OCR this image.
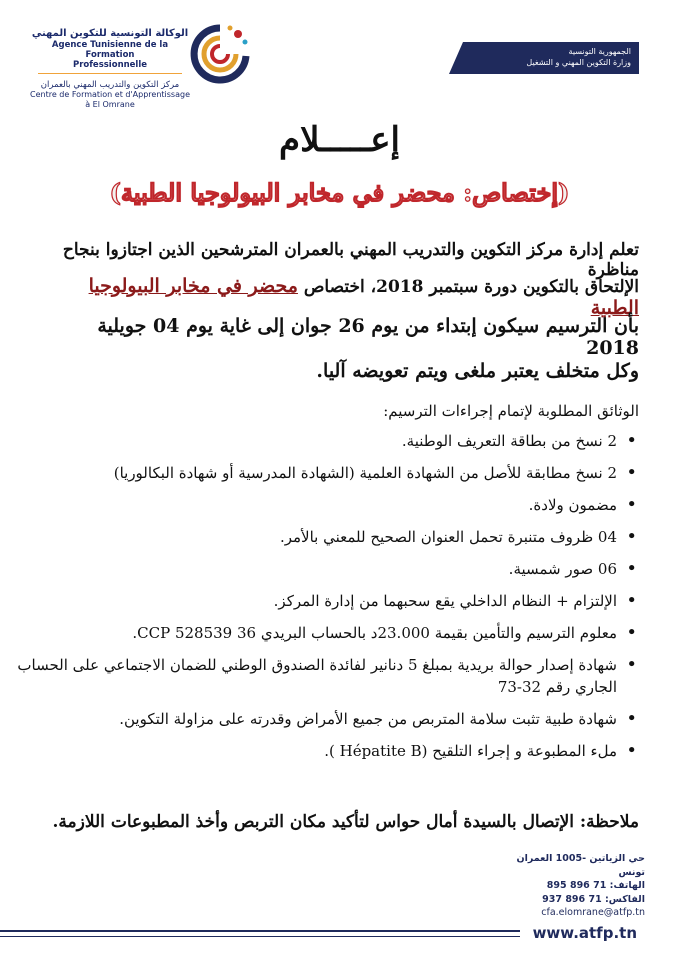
الوكالة التونسية للتكوين المهني
Agence Tunisienne de la Formation
Professionnelle
مركز التكوين والتدريب المهني بالعمران
Centre de Formation et d'Apprentissage
à El Omrane
الجمهورية التونسية
وزارة التكوين المهني و التشغيل
إعـــــلام
(إختصاص: محضر في مخابر البيولوجيا الطبية)
تعلم إدارة مركز التكوين والتدريب المهني بالعمران المترشحين الذين اجتازوا بنجاح مناظرة
الإلتحاق بالتكوين دورة سبتمبر 2018، اختصاص محضر في مخابر البيولوجيا الطبية
بأن الترسيم سيكون إبتداء من يوم 26 جوان إلى غاية يوم 04 جويلية 2018
وكل متخلف يعتبر ملغى ويتم تعويضه آليا.
الوثائق المطلوبة لإتمام إجراءات الترسيم:
• 2 نسخ من بطاقة التعريف الوطنية.
• 2 نسخ مطابقة للأصل من الشهادة العلمية (الشهادة المدرسية أو شهادة البكالوريا)
• مضمون ولادة.
• 04 ظروف متنبرة تحمل العنوان الصحيح للمعني بالأمر.
• 06 صور شمسية.
• الإلتزام + النظام الداخلي يقع سحبهما من إدارة المركز.
• معلوم الترسيم والتأمين بقيمة 23.000د بالحساب البريدي CCP 528539 36.
• شهادة إصدار حوالة بريدية بمبلغ 5 دنانير لفائدة الصندوق الوطني للضمان الاجتماعي على الحساب الجاري رقم 32-73
• شهادة طبية تثبت سلامة المتربص من جميع الأمراض وقدرته على مزاولة التكوين.
• ملء المطبوعة و إجراء التلقيح (Hépatite B ).
ملاحظة: الإتصال بالسيدة أمال حواس لتأكيد مكان التربص وأخذ المطبوعات اللازمة.
حي الزياتين -1005 العمران تونس
الهاتف: 71 896 895
الفاكس: 71 896 937
cfa.elomrane@atfp.tn
www.atfp.tn
